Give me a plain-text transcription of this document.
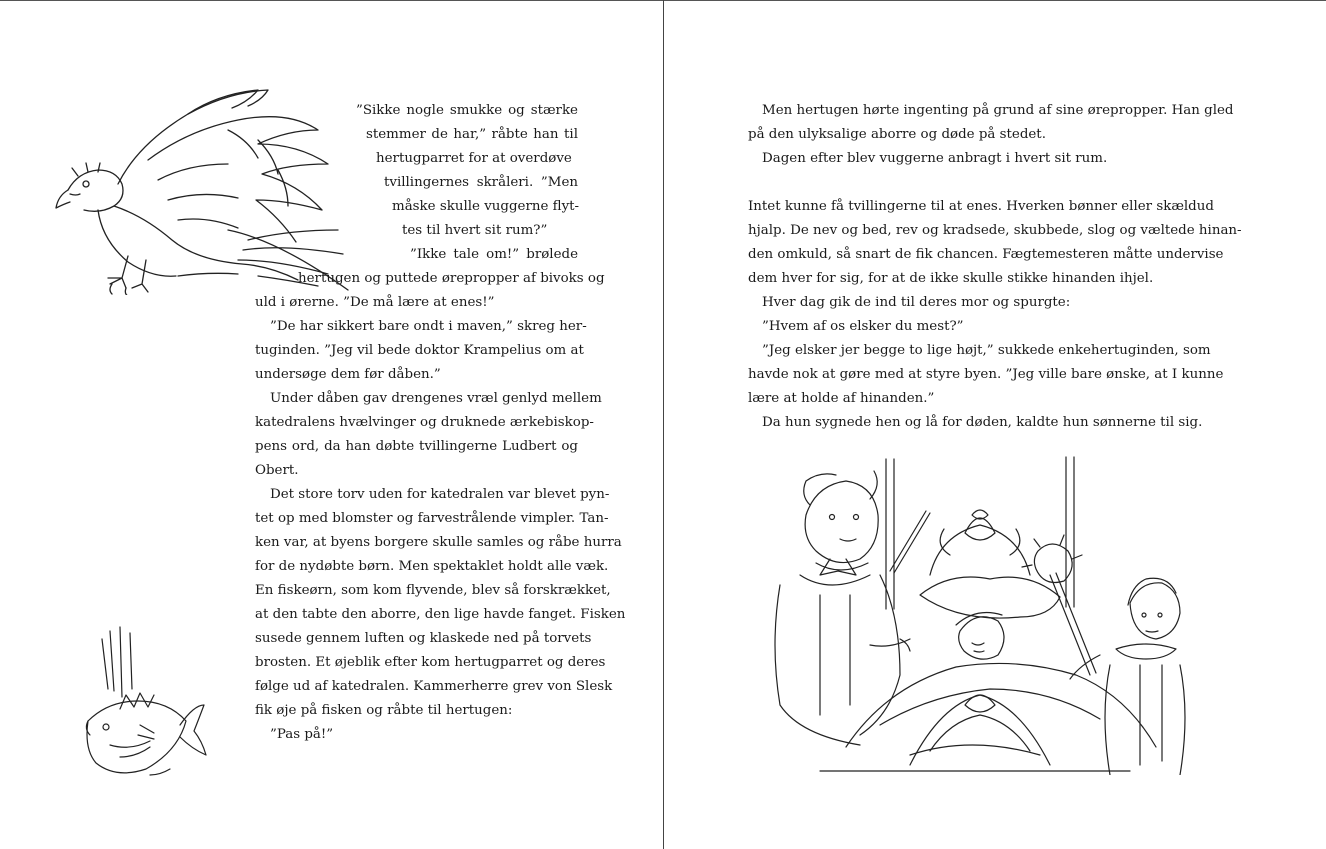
”Sikke nogle smukke og stærke
stemmer de har,” råbte han til
hertugparret for at overdøve
tvillingernes skråleri. ”Men
måske skulle vuggerne flyt-
tes til hvert sit rum?”
”Ikke tale om!” brølede
hertugen og puttede ørepropper af bivoks og
uld i ørerne. ”De må lære at enes!”
”De har sikkert bare ondt i maven,” skreg her-
tuginden. ”Jeg vil bede doktor Krampelius om at
undersøge dem før dåben.”
Under dåben gav drengenes vræl genlyd mellem
katedralens hvælvinger og druknede ærkebiskop-
pens ord, da han døbte tvillingerne Ludbert og
Obert.
Det store torv uden for katedralen var blevet pyn-
tet op med blomster og farvestrålende vimpler. Tan-
ken var, at byens borgere skulle samles og råbe hurra
for de nydøbte børn. Men spektaklet holdt alle væk.
En fiskeørn, som kom flyvende, blev så forskrækket,
at den tabte den aborre, den lige havde fanget. Fisken
susede gennem luften og klaskede ned på torvets
brosten. Et øjeblik efter kom hertugparret og deres
følge ud af katedralen. Kammerherre grev von Slesk
fik øje på fisken og råbte til hertugen:
”Pas på!”
Men hertugen hørte ingenting på grund af sine ørepropper. Han gled
på den ulyksalige aborre og døde på stedet.
Dagen efter blev vuggerne anbragt i hvert sit rum.
Intet kunne få tvillingerne til at enes. Hverken bønner eller skældud
hjalp. De nev og bed, rev og kradsede, skubbede, slog og væltede hinan-
den omkuld, så snart de fik chancen. Fægtemesteren måtte undervise
dem hver for sig, for at de ikke skulle stikke hinanden ihjel.
Hver dag gik de ind til deres mor og spurgte:
”Hvem af os elsker du mest?”
”Jeg elsker jer begge to lige højt,” sukkede enkehertuginden, som
havde nok at gøre med at styre byen. ”Jeg ville bare ønske, at I kunne
lære at holde af hinanden.”
Da hun sygnede hen og lå for døden, kaldte hun sønnerne til sig.
